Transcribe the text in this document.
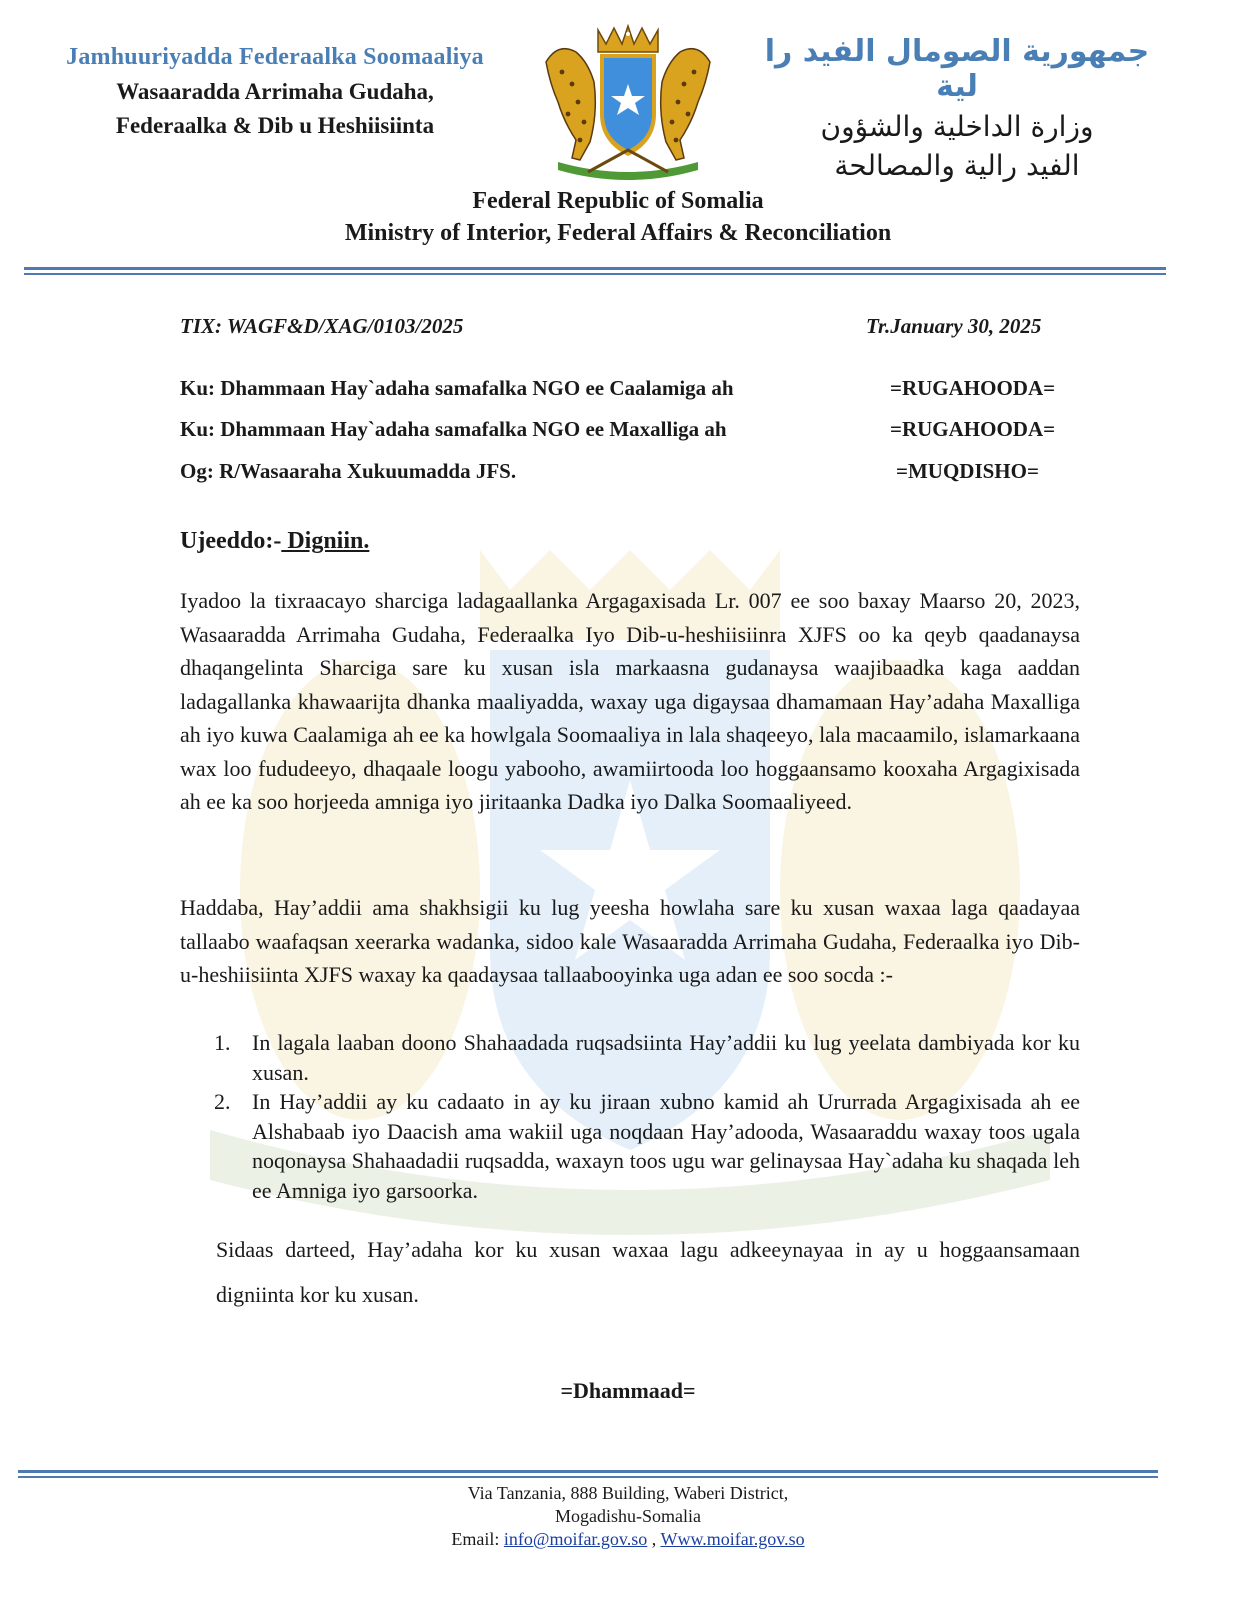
Jamhuuriyadda Federaalka Soomaaliya
Wasaaradda Arrimaha Gudaha,
Federaalka & Dib u Heshiisiinta
جمهورية الصومال الفيد را لية
وزارة الداخلية والشؤون
الفيد رالية والمصالحة
Federal Republic of Somalia
Ministry of Interior, Federal Affairs & Reconciliation
TIX: WAGF&D/XAG/0103/2025	Tr.January 30, 2025
Ku: Dhammaan Hay`adaha samafalka NGO ee Caalamiga ah	=RUGAHOODA=
Ku: Dhammaan Hay`adaha samafalka NGO ee Maxalliga ah	=RUGAHOODA=
Og: R/Wasaaraha Xukuumadda JFS.	=MUQDISHO=
Ujeeddo:- Digniin.
Iyadoo la tixraacayo sharciga ladagaallanka Argagaxisada Lr. 007 ee soo baxay Maarso 20, 2023, Wasaaradda Arrimaha Gudaha, Federaalka Iyo Dib-u-heshiisiinra XJFS oo ka qeyb qaadanaysa dhaqangelinta Sharciga sare ku xusan isla markaasna gudanaysa waajibaadka kaga aaddan ladagallanka khawaarijta dhanka maaliyadda, waxay uga digaysaa dhamamaan Hay’adaha Maxalliga ah iyo kuwa Caalamiga ah ee ka howlgala Soomaaliya in lala shaqeeyo, lala macaamilo, islamarkaana wax loo fududeeyo, dhaqaale loogu yabooho, awamiirtooda loo hoggaansamo kooxaha Argagixisada ah ee ka soo horjeeda amniga iyo jiritaanka Dadka iyo Dalka Soomaaliyeed.
Haddaba, Hay’addii ama shakhsigii ku lug yeesha howlaha sare ku xusan waxaa laga qaadayaa tallaabo waafaqsan xeerarka wadanka, sidoo kale Wasaaradda Arrimaha Gudaha, Federaalka iyo Dib-u-heshiisiinta XJFS waxay ka qaadaysaa tallaabooyinka uga adan ee soo socda :-
1. In lagala laaban doono Shahaadada ruqsadsiinta Hay’addii ku lug yeelata dambiyada kor ku xusan.
2. In Hay’addii ay ku cadaato in ay ku jiraan xubno kamid ah Ururrada Argagixisada ah ee Alshabaab iyo Daacish ama wakiil uga noqdaan Hay’adooda, Wasaaraddu waxay toos ugala noqonaysa Shahaadadii ruqsadda, waxayn toos ugu war gelinaysaa Hay`adaha ku shaqada leh ee Amniga iyo garsoorka.
Sidaas darteed, Hay’adaha kor ku xusan waxaa lagu adkeeynayaa in ay u hoggaansamaan digniinta kor ku xusan.
=Dhammaad=
Via Tanzania, 888 Building, Waberi District,
Mogadishu-Somalia
Email: info@moifar.gov.so , Www.moifar.gov.so
